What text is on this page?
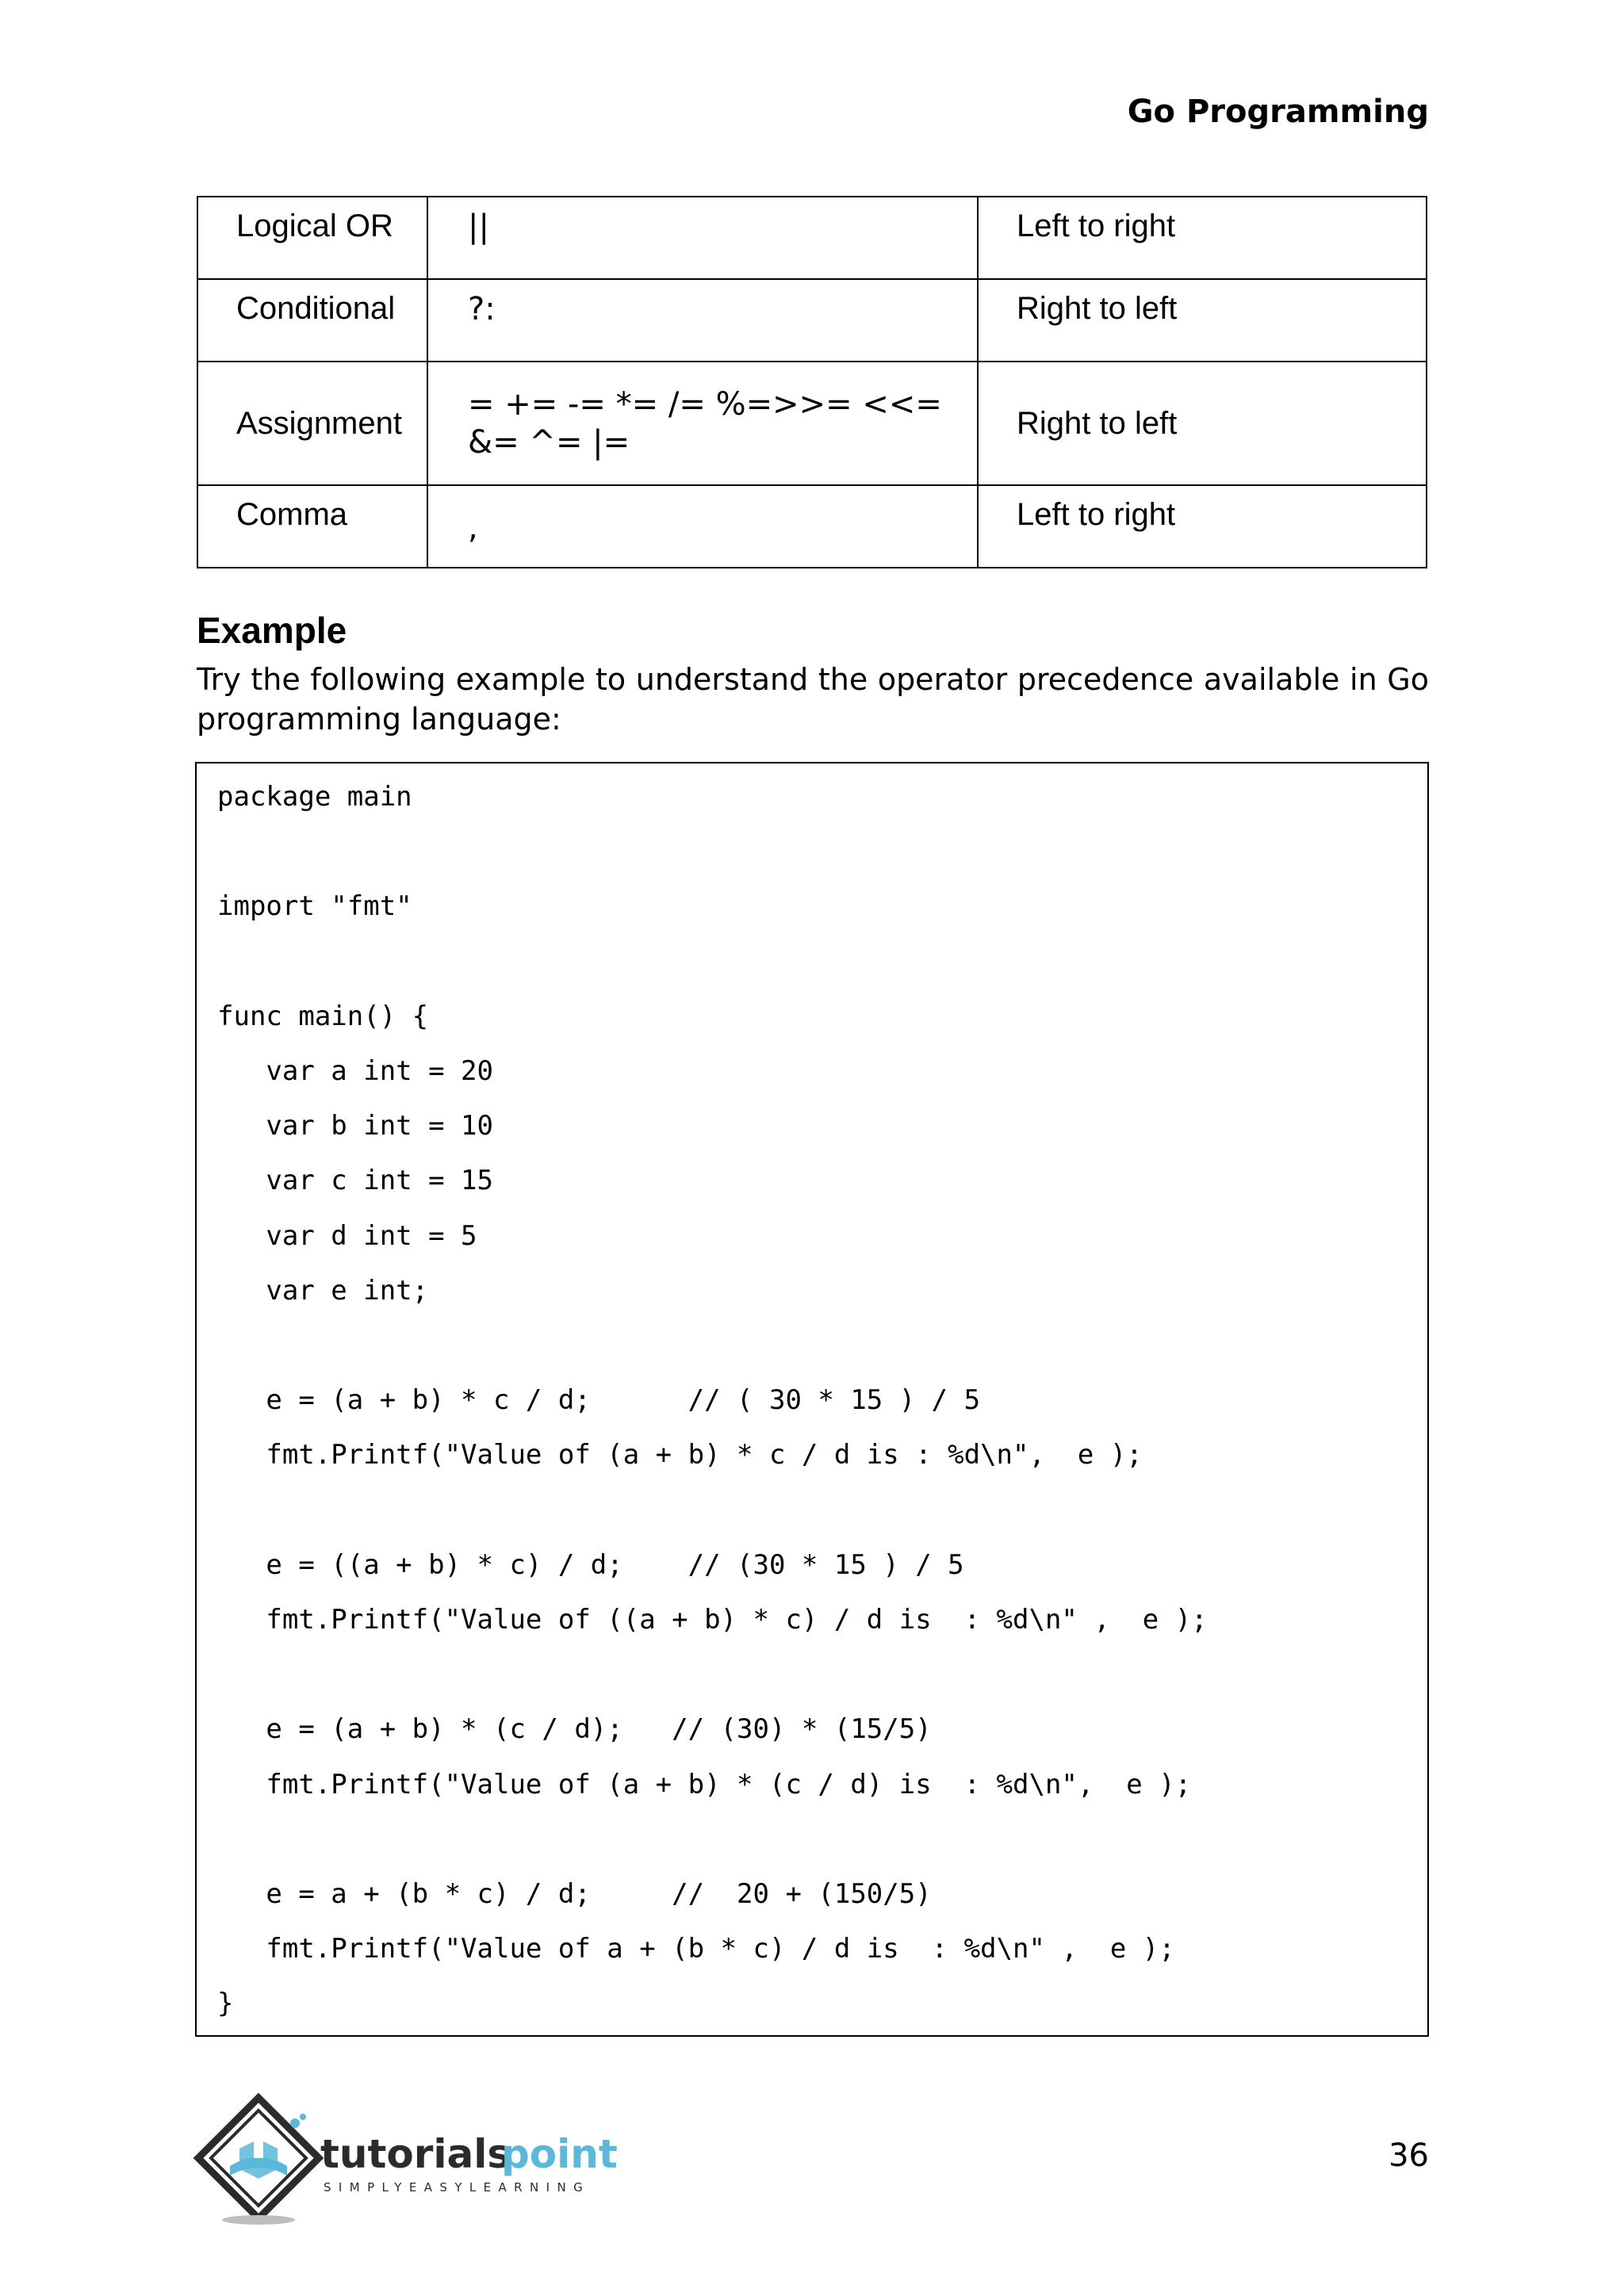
Go Programming
Logical OR	||	Left to right
Conditional	?:	Right to left
Assignment	= += -= *= /= %=>>= <<= &= ^= |=	Right to left
Comma	,	Left to right
Example
Try the following example to understand the operator precedence available in Go programming language:
package main
import "fmt"
func main() {
var a int = 20
var b int = 10
var c int = 15
var d int = 5
var e int;
e = (a + b) * c / d;      // ( 30 * 15 ) / 5
fmt.Printf("Value of (a + b) * c / d is : %d\n",  e );
e = ((a + b) * c) / d;    // (30 * 15 ) / 5
fmt.Printf("Value of ((a + b) * c) / d is  : %d\n" ,  e );
e = (a + b) * (c / d);   // (30) * (15/5)
fmt.Printf("Value of (a + b) * (c / d) is  : %d\n",  e );
e = a + (b * c) / d;     //  20 + (150/5)
fmt.Printf("Value of a + (b * c) / d is  : %d\n" ,  e );
}
tutorials
point
SIMPLYEASYLEARNING
36
